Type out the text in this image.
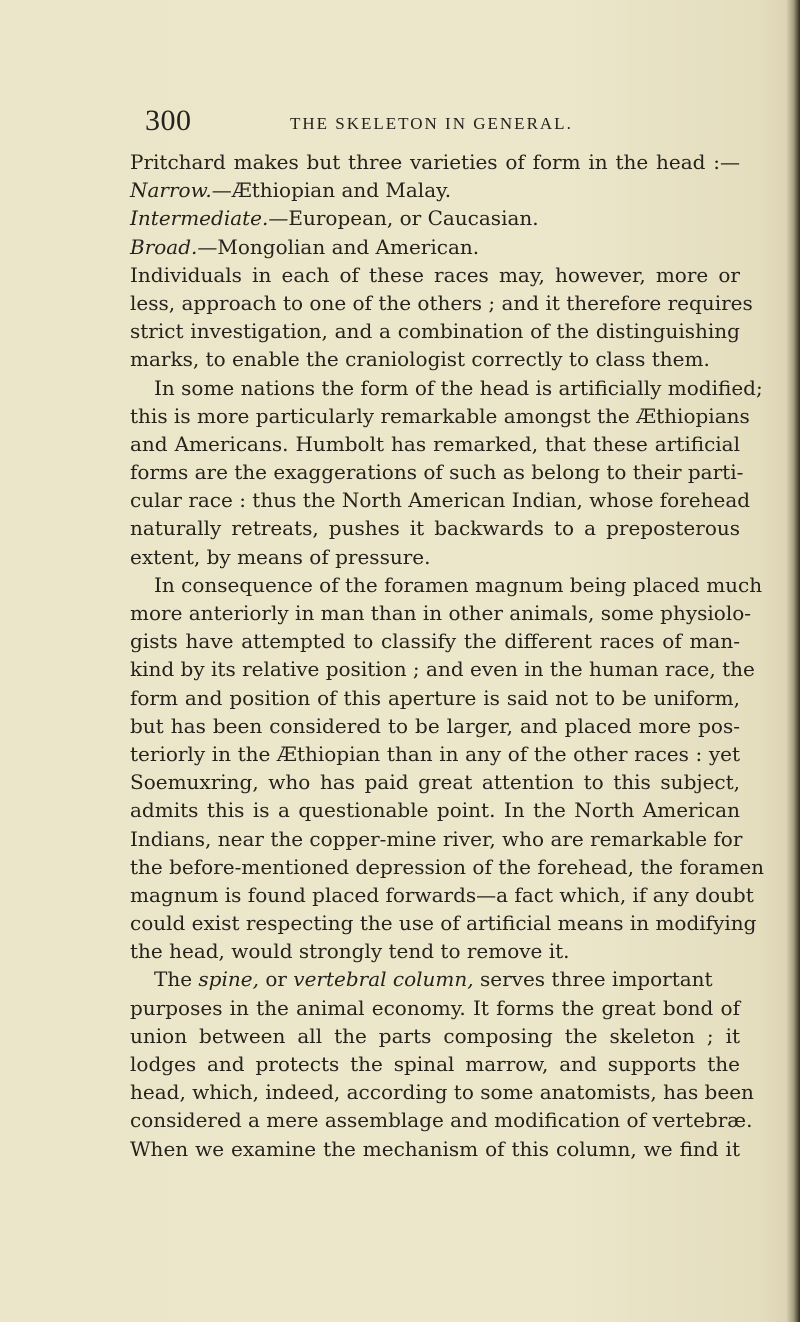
300	THE SKELETON IN GENERAL.
Pritchard makes but three varieties of form in the head :—
Narrow.—Æthiopian and Malay.
Intermediate.—European, or Caucasian.
Broad.—Mongolian and American.
Individuals in each of these races may, however, more or
less, approach to one of the others ; and it therefore requires
strict investigation, and a combination of the distinguishing
marks, to enable the craniologist correctly to class them.
In some nations the form of the head is artificially modified;
this is more particularly remarkable amongst the Æthiopians
and Americans. Humbolt has remarked, that these artificial
forms are the exaggerations of such as belong to their parti-
cular race : thus the North American Indian, whose forehead
naturally retreats, pushes it backwards to a preposterous
extent, by means of pressure.
In consequence of the foramen magnum being placed much
more anteriorly in man than in other animals, some physiolo-
gists have attempted to classify the different races of man-
kind by its relative position ; and even in the human race, the
form and position of this aperture is said not to be uniform,
but has been considered to be larger, and placed more pos-
teriorly in the Æthiopian than in any of the other races : yet
Soemuxring, who has paid great attention to this subject,
admits this is a questionable point. In the North American
Indians, near the copper-mine river, who are remarkable for
the before-mentioned depression of the forehead, the foramen
magnum is found placed forwards—a fact which, if any doubt
could exist respecting the use of artificial means in modifying
the head, would strongly tend to remove it.
The spine, or vertebral column, serves three important
purposes in the animal economy. It forms the great bond of
union between all the parts composing the skeleton ; it
lodges and protects the spinal marrow, and supports the
head, which, indeed, according to some anatomists, has been
considered a mere assemblage and modification of vertebræ.
When we examine the mechanism of this column, we find it
